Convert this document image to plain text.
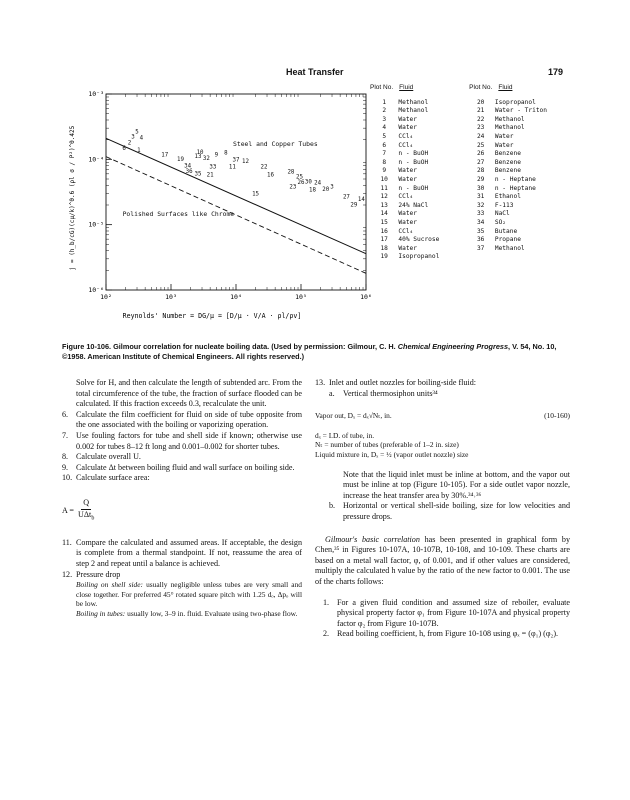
Heat Transfer	179
10²	10³	10⁴	10⁵	10⁶
10⁻³
10⁻⁴
10⁻⁵
10⁻⁶
Steel and Copper Tubes
Polished Surfaces like Chrome
3
5
2
4
6 1
17
19 13
10 9
32
8
34	33
36 35 21
37 12
11	22
16 28
25
26 30 24
23
18 20 3
15
27
29
14
j = (h_b/cG)(cμ/k)^0.6 (ρl σ / P²)^0.425
Reynolds' Number = DG/μ = [D/μ · V/A · ρl/ρv]
Plot No. Fluid	Plot No. Fluid
1	Methanol	20	Isopropanol
2	Methanol	21	Water - Triton
3	Water	22	Methanol
4	Water	23	Methanol
5	CCl₄	24	Water
6	CCl₄	25	Water
7	n - BuOH	26	Benzene
8	n - BuOH	27	Benzene
9	Water	28	Benzene
10	Water	29	n - Heptane
11	n - BuOH	30	n - Heptane
12	CCl₄	31	Ethanol
13	24% NaCl	32	F-113
14	Water	33	NaCl
15	Water	34	SO₂
16	CCl₄	35	Butane
17	40% Sucrose	36	Propane
18	Water	37	Methanol
19	Isopropanol
Figure 10-106. Gilmour correlation for nucleate boiling data. (Used by permission: Gilmour, C. H. Chemical Engineering Progress, V. 54, No. 10, ©1958. American Institute of Chemical Engineers. All rights reserved.)

Solve for H, and then calculate the length of subtended arc. From the total circumference of the tube, the fraction of surface flooded can be calculated. If this fraction exceeds 0.3, recalculate the unit.

6. Calculate the film coefficient for fluid on side of tube opposite from the one associated with the boiling or vaporizing operation.
7. Use fouling factors for tube and shell side if known; otherwise use 0.002 for tubes 8–12 ft long and 0.001–0.002 for shorter tubes.
8. Calculate overall U.
9. Calculate Δt between boiling fluid and wall surface on boiling side.
10. Calculate surface area:
$A = \frac{Q}{U\Delta t_b}$
11. Compare the calculated and assumed areas. If acceptable, the design is complete from a thermal standpoint. If not, reassume the area of step 2 and repeat until a balance is achieved.
12. Pressure drop

Boiling on shell side: usually negligible unless tubes are very small and close together. For preferred 45° rotated square pitch with 1.25 dₒ, Δpₒ will be low.

Boiling in tubes: usually low, 3–9 in. fluid. Evaluate using two-phase flow.

13. Inlet and outlet nozzles for boiling-side fluid:
a.	Vertical thermosiphon units³⁴
Vapor out, Dₓ = dₓ√Nₜ, in.	(10-160)

dₓ = I.D. of tube, in.

Nₜ = number of tubes (preferable of 1–2 in. size)

Liquid mixture in, Dₓ = ½ (vapor outlet nozzle) size

Note that the liquid inlet must be inline at bottom, and the vapor out must be inline at top (Figure 10-105). For a side outlet vapor nozzle, increase the heat transfer area by 30%.³⁴˒³⁶

b. Horizontal or vertical shell-side boiling, size for low velocities and pressure drops.

Gilmour's basic correlation has been presented in graphical form by Chen,³⁵ in Figures 10-107A, 10-107B, 10-108, and 10-109. These charts are based on a metal wall factor, φ, of 0.001, and if other values are considered, multiply the calculated h value by the ratio of the new factor to 0.001. The use of the charts follows:

1. For a given fluid condition and assumed size of reboiler, evaluate physical property factor φ₁ from Figure 10-107A and physical property factor φ₂ from Figure 10-107B.
2. Read boiling coefficient, h, from Figure 10-108 using φₓ = (φ₁) (φ₂).
